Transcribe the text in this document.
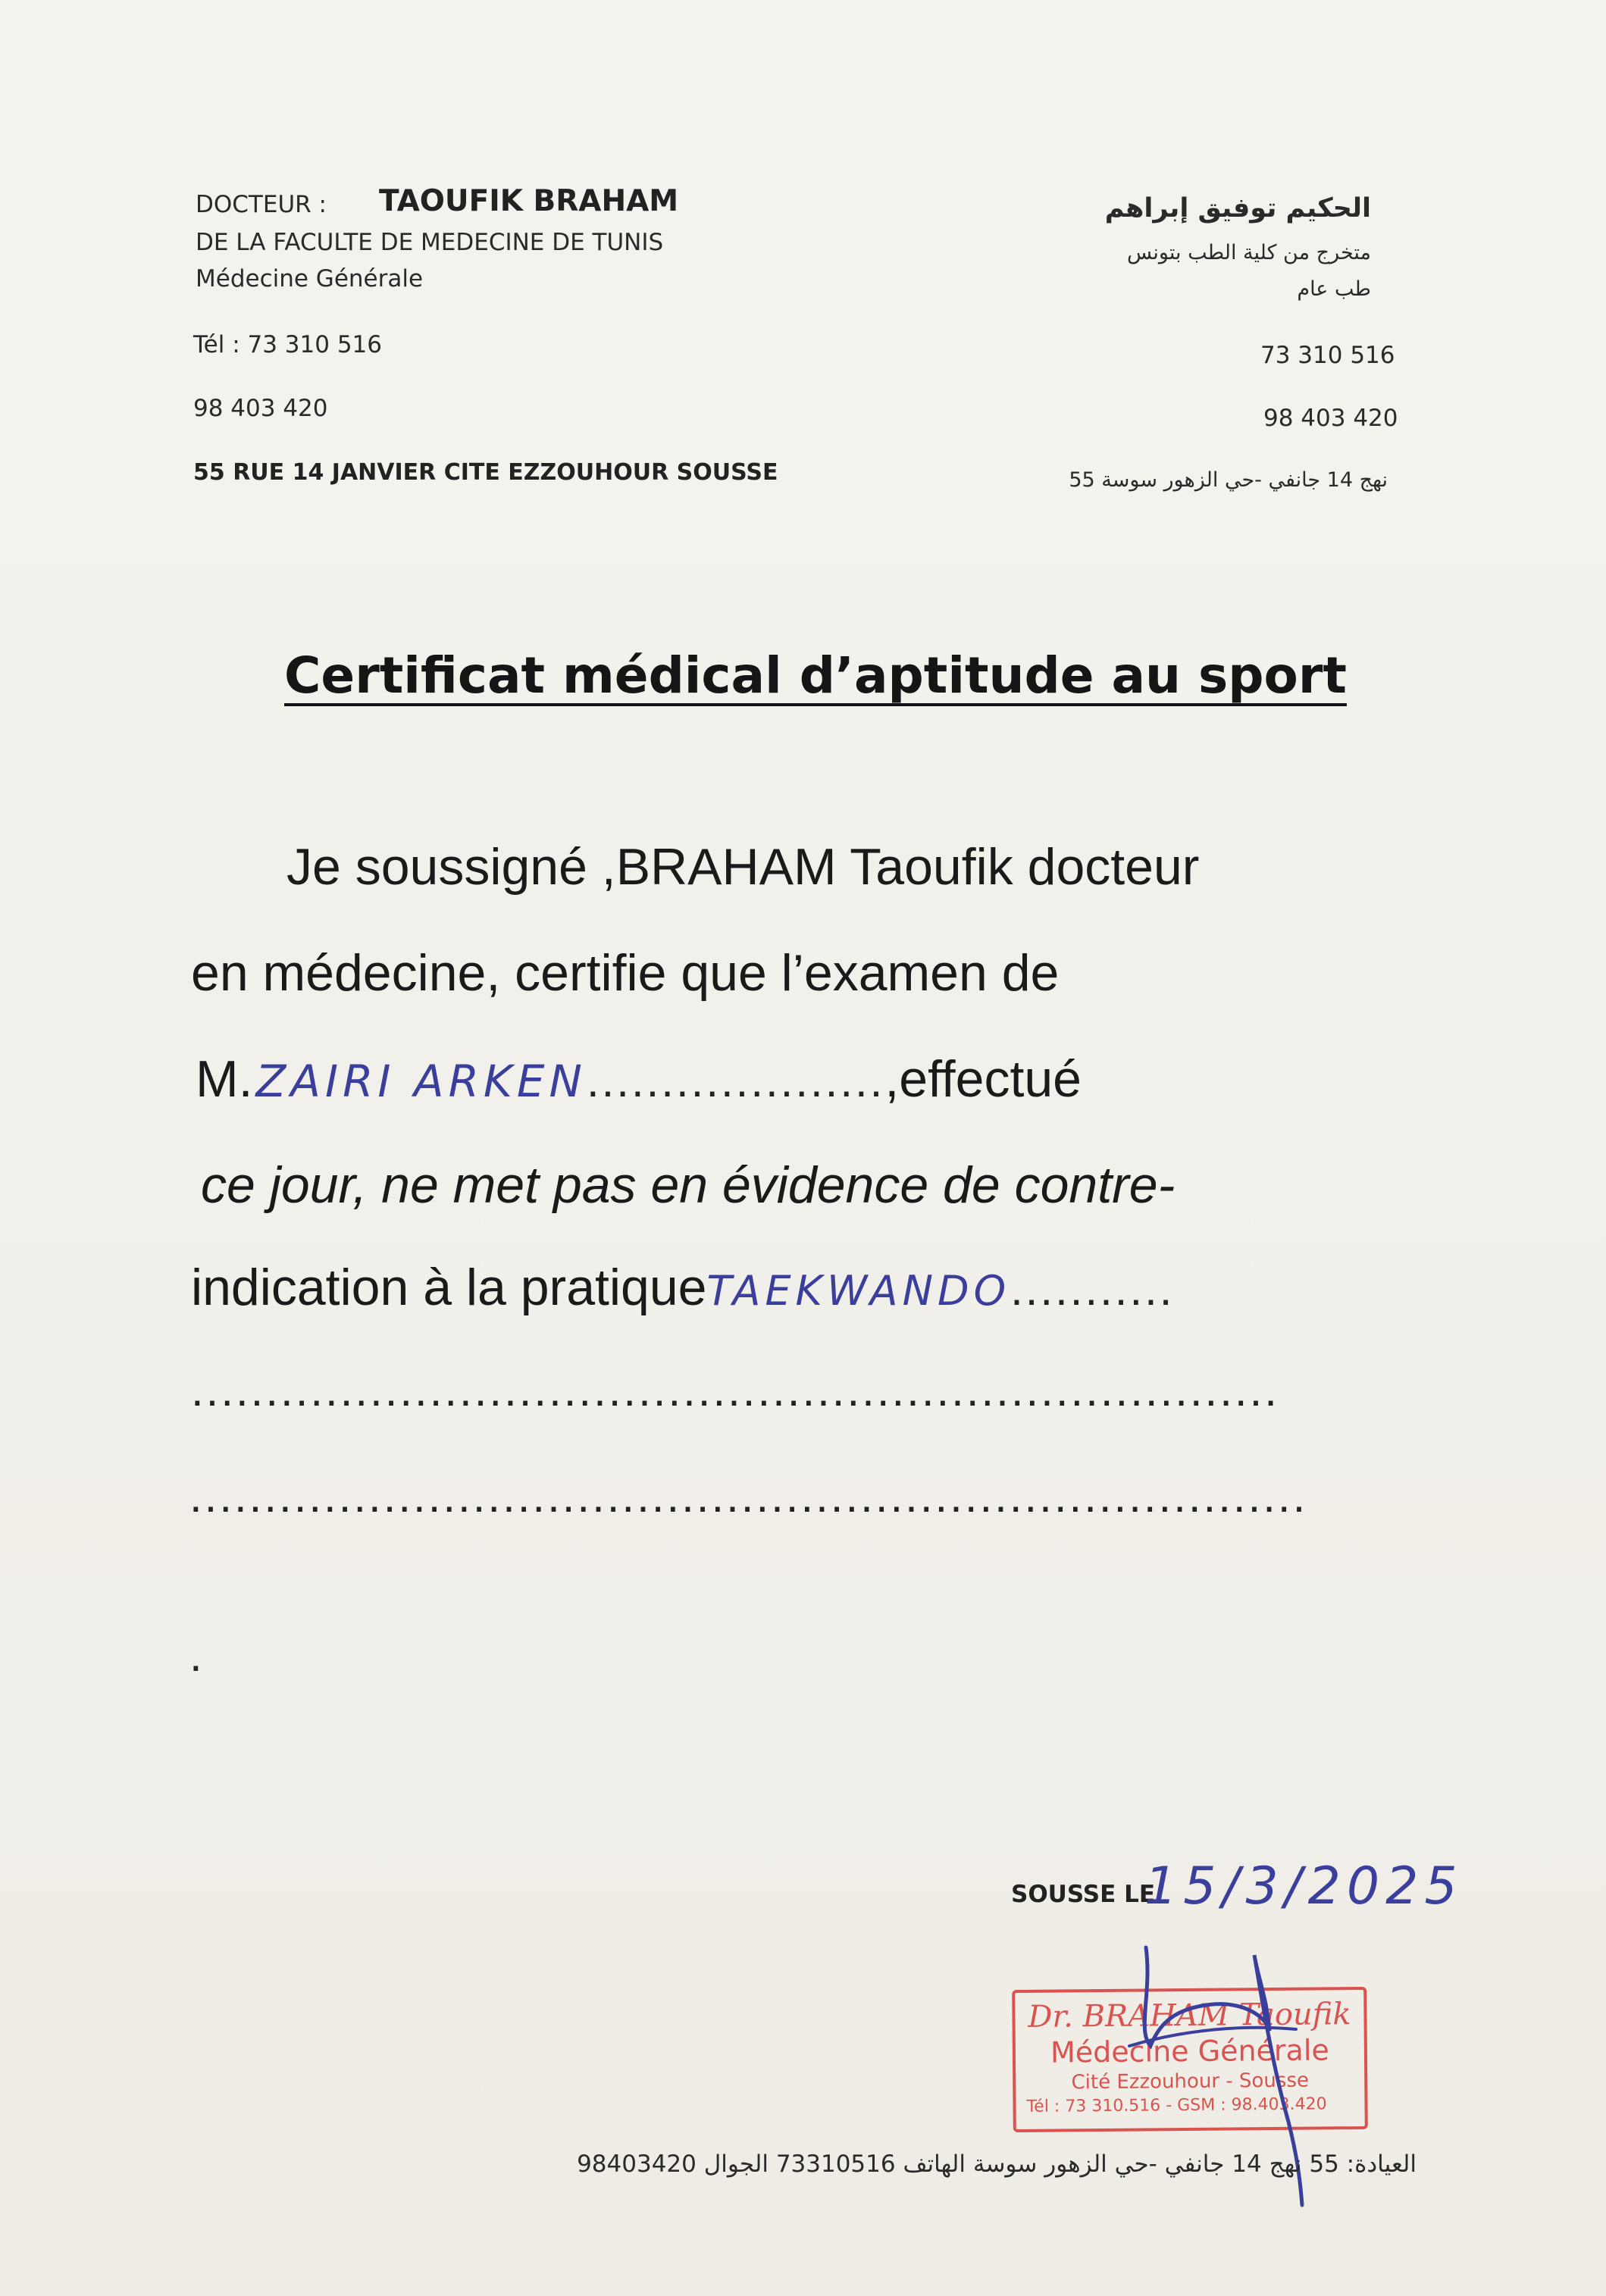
DOCTEUR : TAOUFIK BRAHAM
DE LA FACULTE DE MEDECINE DE TUNIS
Médecine Générale
Tél : 73 310 516
98 403 420
55 RUE 14 JANVIER CITE EZZOUHOUR SOUSSE
الحكيم توفيق إبراهم
متخرج من كلية الطب بتونس
طب عام
73 310 516
98 403 420
نهج 14 جانفي -حي الزهور سوسة 55
Certificat médical d’aptitude au sport
Je soussigné ,BRAHAM Taoufik docteur
en médecine, certifie que l’examen de
M.ZAIRI ARKEN....................,effectué
ce jour, ne met pas en évidence de contre-
indication à la pratiqueTAEKWANDO...........
.........................................................................
...........................................................................
.
SOUSSE LE
15/3/2025
Dr. BRAHAM Taoufik
Médecine Générale
Cité Ezzouhour - Sousse
Tél : 73 310.516 - GSM : 98.403.420
العيادة: 55 نهج 14 جانفي -حي الزهور سوسة الهاتف 73310516 الجوال 98403420
